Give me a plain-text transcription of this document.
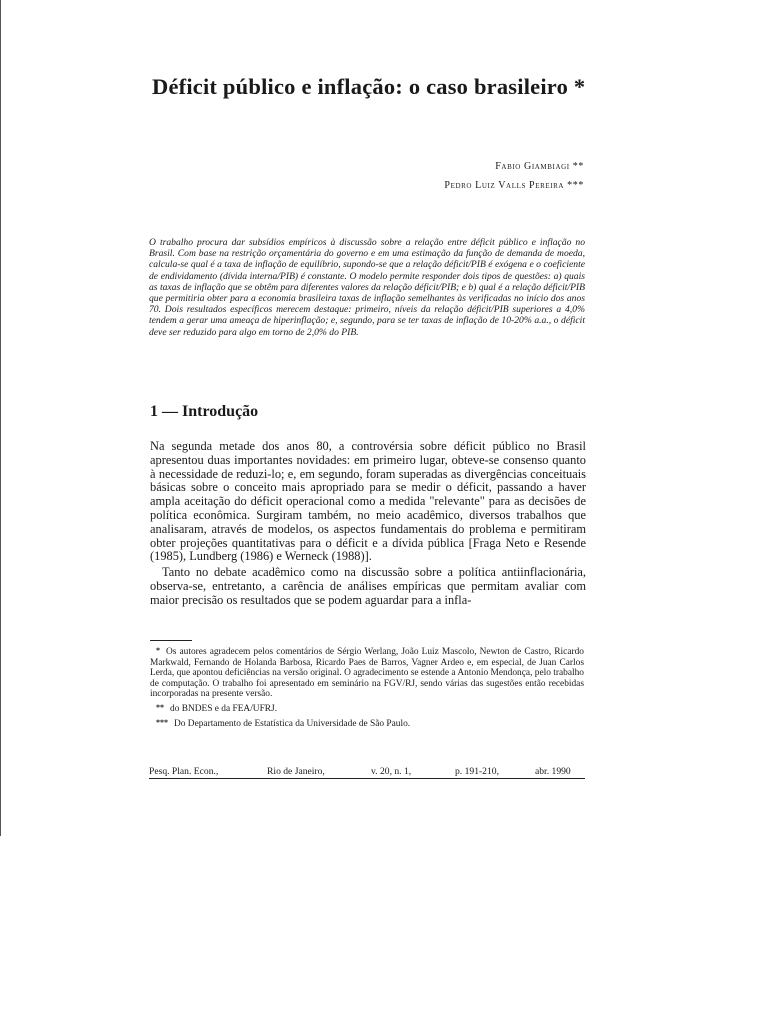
Déficit público e inflação: o caso brasileiro *
Fabio Giambiagi **
Pedro Luiz Valls Pereira ***

O trabalho procura dar subsídios empíricos à discussão sobre a relação entre déficit público e inflação no Brasil. Com base na restrição orçamentária do governo e em uma estimação da função de demanda de moeda, calcula-se qual é a taxa de inflação de equilíbrio, supondo-se que a relação déficit/PIB é exógena e o coeficiente de endividamento (dívida interna/PIB) é constante. O modelo permite responder dois tipos de questões: a) quais as taxas de inflação que se obtêm para diferentes valores da relação déficit/PIB; e b) qual é a relação déficit/PIB que permitiria obter para a economia brasileira taxas de inflação semelhantes às verificadas no início dos anos 70. Dois resultados específicos merecem destaque: primeiro, níveis da relação déficit/PIB superiores a 4,0% tendem a gerar uma ameaça de hiperinflação; e, segundo, para se ter taxas de inflação de 10-20% a.a., o déficit deve ser reduzido para algo em torno de 2,0% do PIB.

1 — Introdução

Na segunda metade dos anos 80, a controvérsia sobre déficit público no Brasil apresentou duas importantes novidades: em primeiro lugar, obteve-se consenso quanto à necessidade de reduzi-lo; e, em segundo, foram superadas as divergências conceituais básicas sobre o conceito mais apropriado para se medir o déficit, passando a haver ampla aceitação do déficit operacional como a medida "relevante" para as decisões de política econômica. Surgiram também, no meio acadêmico, diversos trabalhos que analisaram, através de modelos, os aspectos fundamentais do problema e permitiram obter projeções quantitativas para o déficit e a dívida pública [Fraga Neto e Resende (1985), Lundberg (1986) e Werneck (1988)].

Tanto no debate acadêmico como na discussão sobre a política antiinflacionária, observa-se, entretanto, a carência de análises empíricas que permitam avaliar com maior precisão os resultados que se podem aguardar para a infla-

* Os autores agradecem pelos comentários de Sérgio Werlang, João Luiz Mascolo, Newton de Castro, Ricardo Markwald, Fernando de Holanda Barbosa, Ricardo Paes de Barros, Vagner Ardeo e, em especial, de Juan Carlos Lerda, que apontou deficiências na versão original. O agradecimento se estende a Antonio Mendonça, pelo trabalho de computação. O trabalho foi apresentado em seminário na FGV/RJ, sendo várias das sugestões então recebidas incorporadas na presente versão.

** do BNDES e da FEA/UFRJ.

*** Do Departamento de Estatística da Universidade de São Paulo.

Pesq. Plan. Econ.,	Rio de Janeiro,	v. 20, n. 1,	p. 191-210,	abr. 1990
